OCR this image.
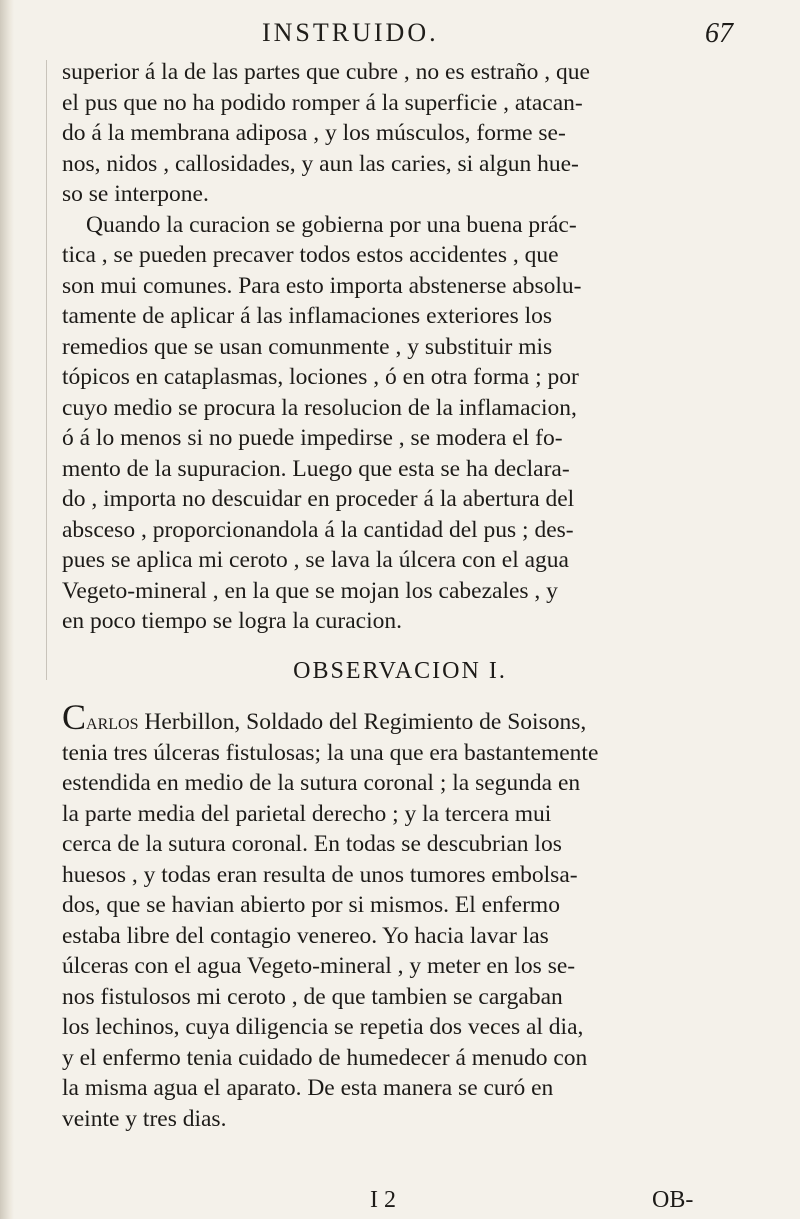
INSTRUIDO.	67
superior á la de las partes que cubre , no es estraño , que
el pus que no ha podido romper á la superficie , atacan-
do á la membrana adiposa , y los músculos, forme se-
nos, nidos , callosidades, y aun las caries, si algun hue-
so se interpone.
Quando la curacion se gobierna por una buena prác-
tica , se pueden precaver todos estos accidentes , que
son mui comunes. Para esto importa abstenerse absolu-
tamente de aplicar á las inflamaciones exteriores los
remedios que se usan comunmente , y substituir mis
tópicos en cataplasmas, lociones , ó en otra forma ; por
cuyo medio se procura la resolucion de la inflamacion,
ó á lo menos si no puede impedirse , se modera el fo-
mento de la supuracion. Luego que esta se ha declara-
do , importa no descuidar en proceder á la abertura del
absceso , proporcionandola á la cantidad del pus ; des-
pues se aplica mi ceroto , se lava la úlcera con el agua
Vegeto-mineral , en la que se mojan los cabezales , y
en poco tiempo se logra la curacion.
OBSERVACION I.
Carlos Herbillon, Soldado del Regimiento de Soisons,
tenia tres úlceras fistulosas; la una que era bastantemente
estendida en medio de la sutura coronal ; la segunda en
la parte media del parietal derecho ; y la tercera mui
cerca de la sutura coronal. En todas se descubrian los
huesos , y todas eran resulta de unos tumores embolsa-
dos, que se havian abierto por si mismos. El enfermo
estaba libre del contagio venereo. Yo hacia lavar las
úlceras con el agua Vegeto-mineral , y meter en los se-
nos fistulosos mi ceroto , de que tambien se cargaban
los lechinos, cuya diligencia se repetia dos veces al dia,
y el enfermo tenia cuidado de humedecer á menudo con
la misma agua el aparato. De esta manera se curó en
veinte y tres dias.
I 2	OB-
